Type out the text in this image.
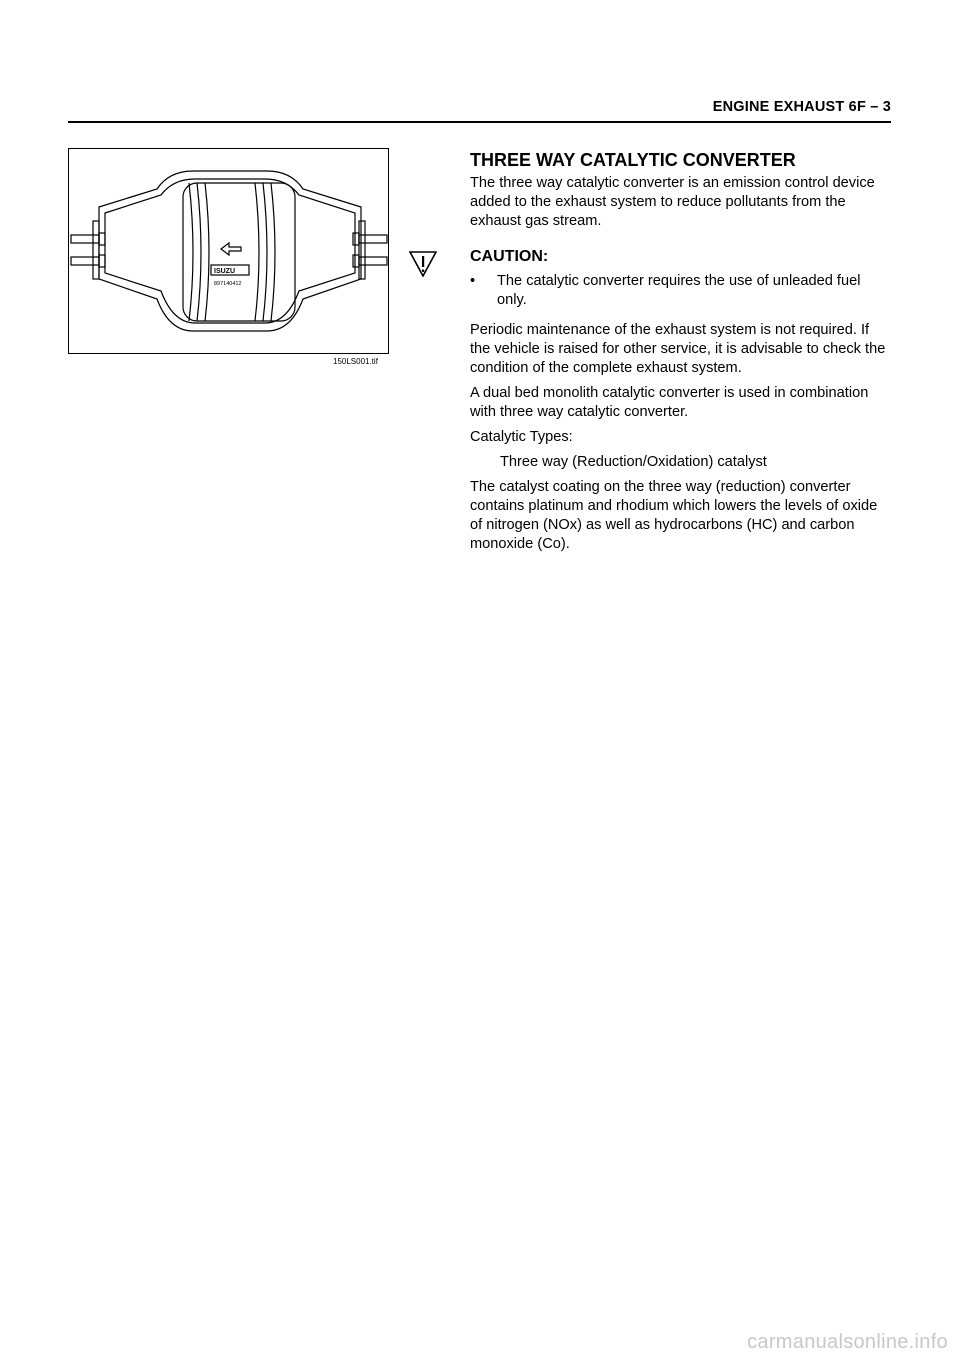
ENGINE EXHAUST 6F – 3
ISUZU
897140412
150LS001.tif
THREE WAY CATALYTIC CONVERTER

The three way catalytic converter is an emission control device added to the exhaust system to reduce pollutants from the exhaust gas stream.

CAUTION:
•	The catalytic converter requires the use of unleaded fuel only.

Periodic maintenance of the exhaust system is not required. If the vehicle is raised for other service, it is advisable to check the condition of the complete exhaust system.

A dual bed monolith catalytic converter is used in combination with three way catalytic converter.

Catalytic Types:

Three way (Reduction/Oxidation) catalyst

The catalyst coating on the three way (reduction) converter contains platinum and rhodium which lowers the levels of oxide of nitrogen (NOx) as well as hydrocarbons (HC) and carbon monoxide (Co).

carmanualsonline.info
